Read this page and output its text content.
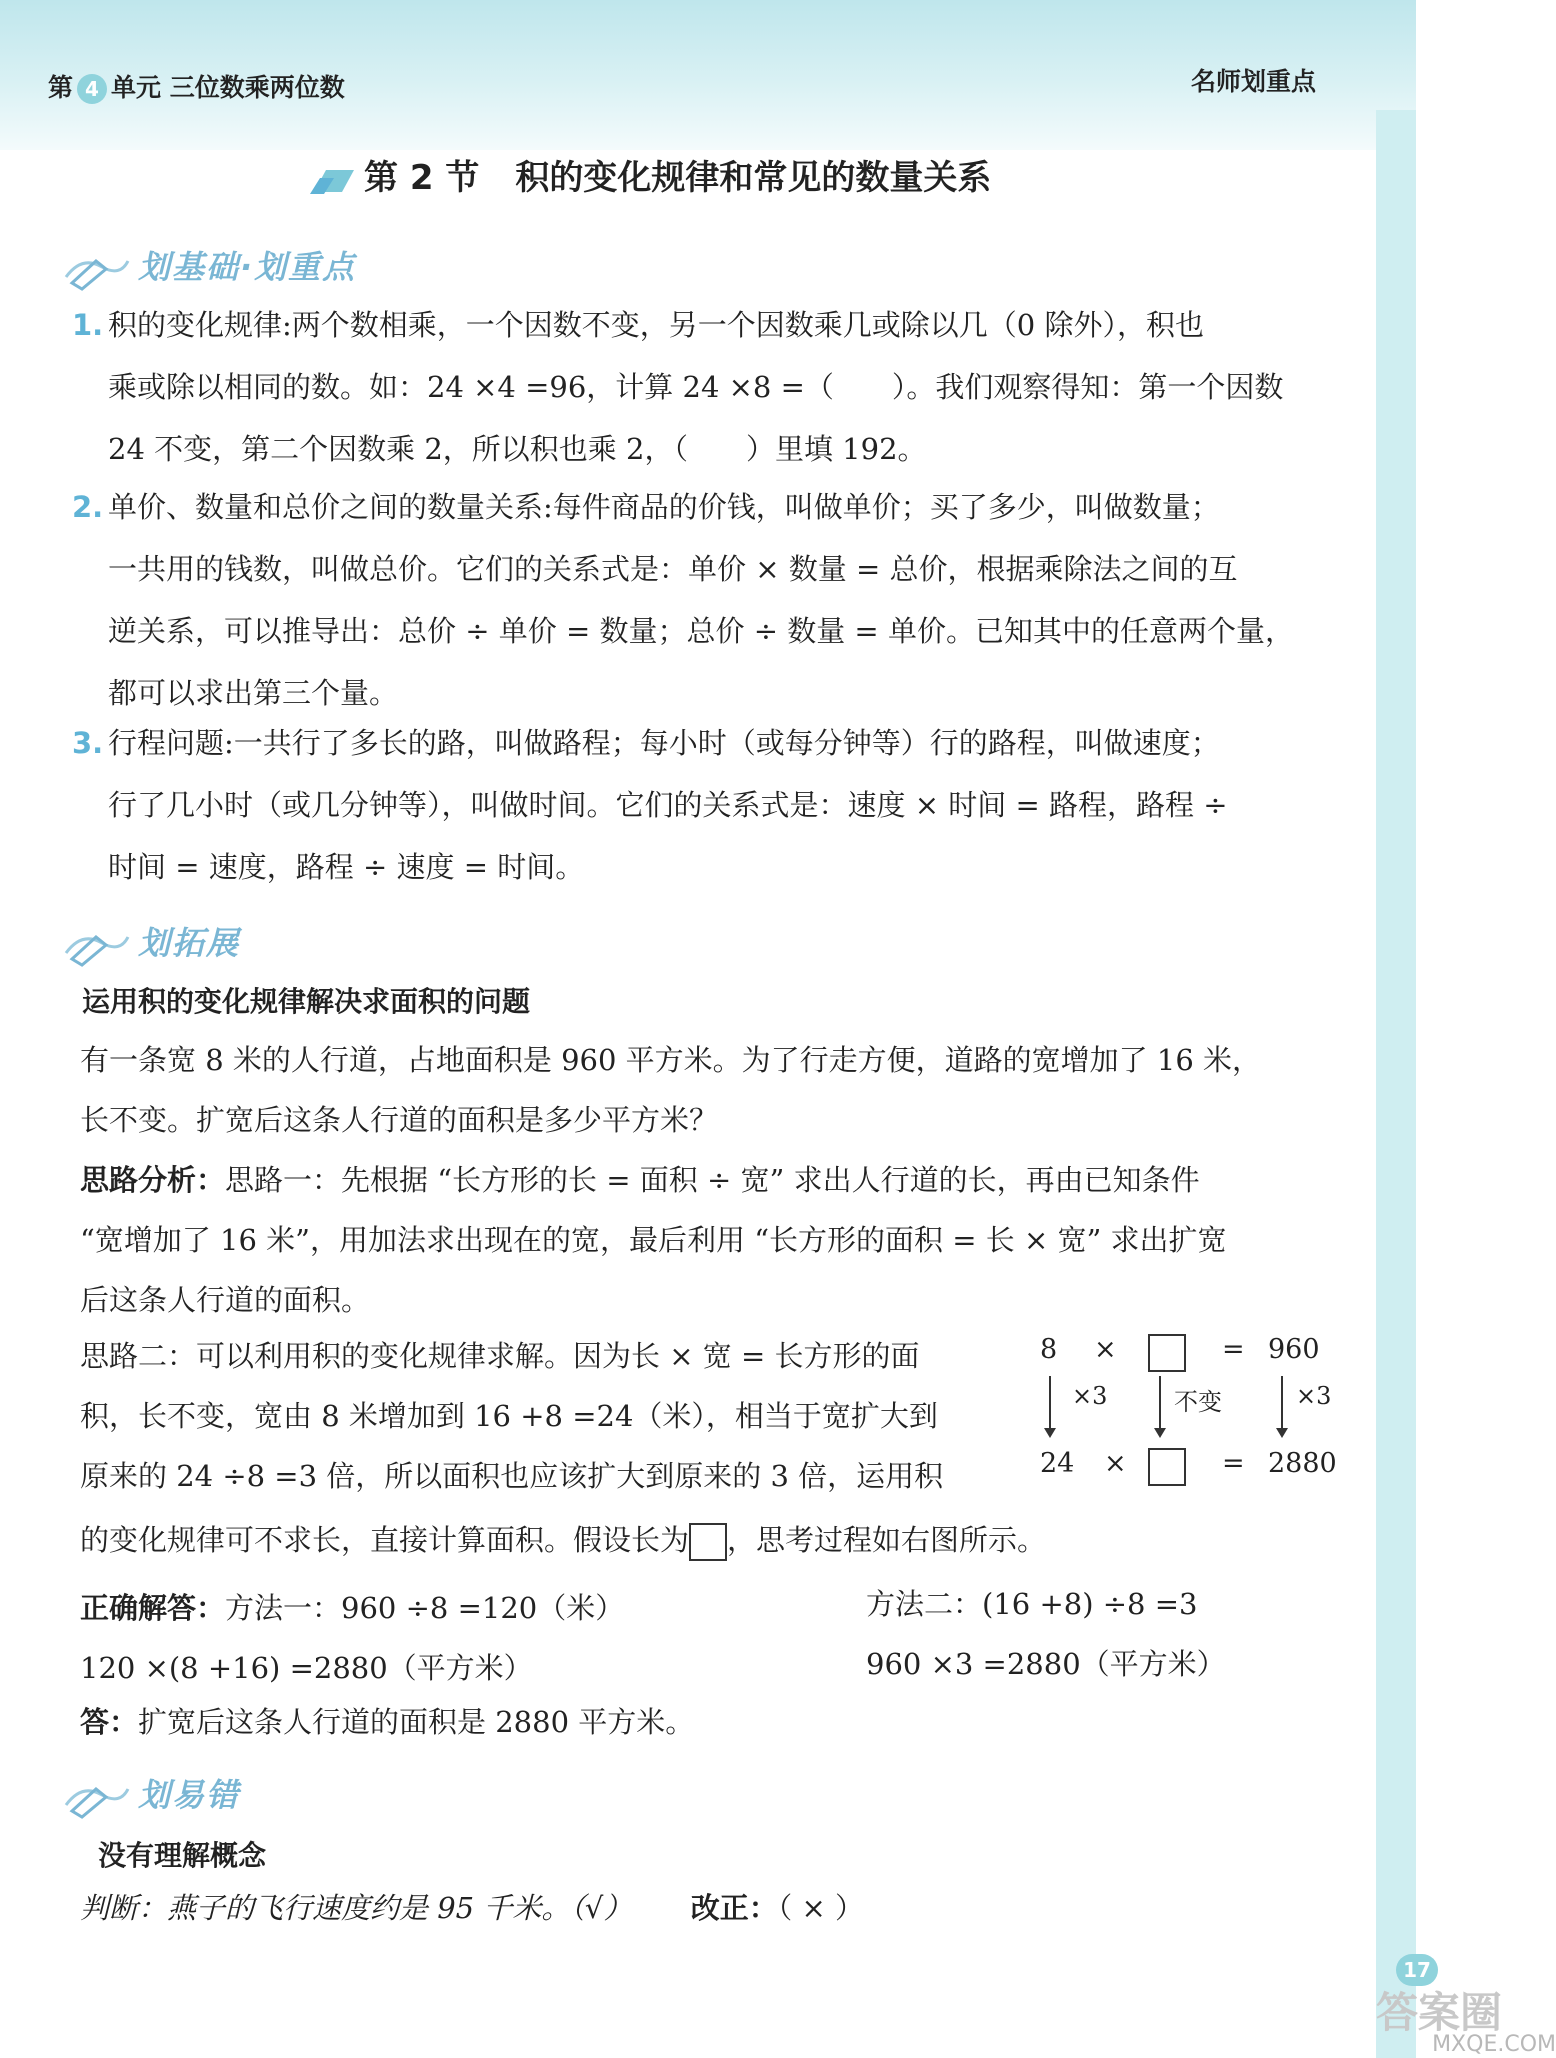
第 4 单元 三位数乘两位数	名师划重点
第 2 节 积的变化规律和常见的数量关系
划基础·划重点
1. 积的变化规律:两个数相乘，一个因数不变，另一个因数乘几或除以几（0 除外），积也
乘或除以相同的数。如：24 ×4 =96，计算 24 ×8 =（　　）。我们观察得知：第一个因数
24 不变，第二个因数乘 2，所以积也乘 2，（　　）里填 192。
2. 单价、数量和总价之间的数量关系:每件商品的价钱，叫做单价；买了多少，叫做数量；
一共用的钱数，叫做总价。它们的关系式是：单价 × 数量 = 总价，根据乘除法之间的互
逆关系，可以推导出：总价 ÷ 单价 = 数量；总价 ÷ 数量 = 单价。已知其中的任意两个量，
都可以求出第三个量。
3. 行程问题:一共行了多长的路，叫做路程；每小时（或每分钟等）行的路程，叫做速度；
行了几小时（或几分钟等），叫做时间。它们的关系式是：速度 × 时间 = 路程，路程 ÷
时间 = 速度，路程 ÷ 速度 = 时间。
划拓展
运用积的变化规律解决求面积的问题
有一条宽 8 米的人行道，占地面积是 960 平方米。为了行走方便，道路的宽增加了 16 米，
长不变。扩宽后这条人行道的面积是多少平方米？
思路分析：思路一：先根据 “长方形的长 = 面积 ÷ 宽” 求出人行道的长，再由已知条件
“宽增加了 16 米”，用加法求出现在的宽，最后利用 “长方形的面积 = 长 × 宽” 求出扩宽
后这条人行道的面积。
思路二：可以利用积的变化规律求解。因为长 × 宽 = 长方形的面
积，长不变，宽由 8 米增加到 16 +8 =24（米），相当于宽扩大到
原来的 24 ÷8 =3 倍，所以面积也应该扩大到原来的 3 倍，运用积
的变化规律可不求长，直接计算面积。假设长为 ，思考过程如右图所示。
8 ×	= 960
×3	不变	×3
24 ×	= 2880
正确解答：方法一：960 ÷8 =120（米）
120 ×(8 +16) =2880（平方米）
方法二：(16 +8) ÷8 =3
960 ×3 =2880（平方米）
答：扩宽后这条人行道的面积是 2880 平方米。
划易错
没有理解概念
判断：燕子的飞行速度约是 95 千米。（√） 改正：（ × ）
17
答案圈
MXQE.COM
